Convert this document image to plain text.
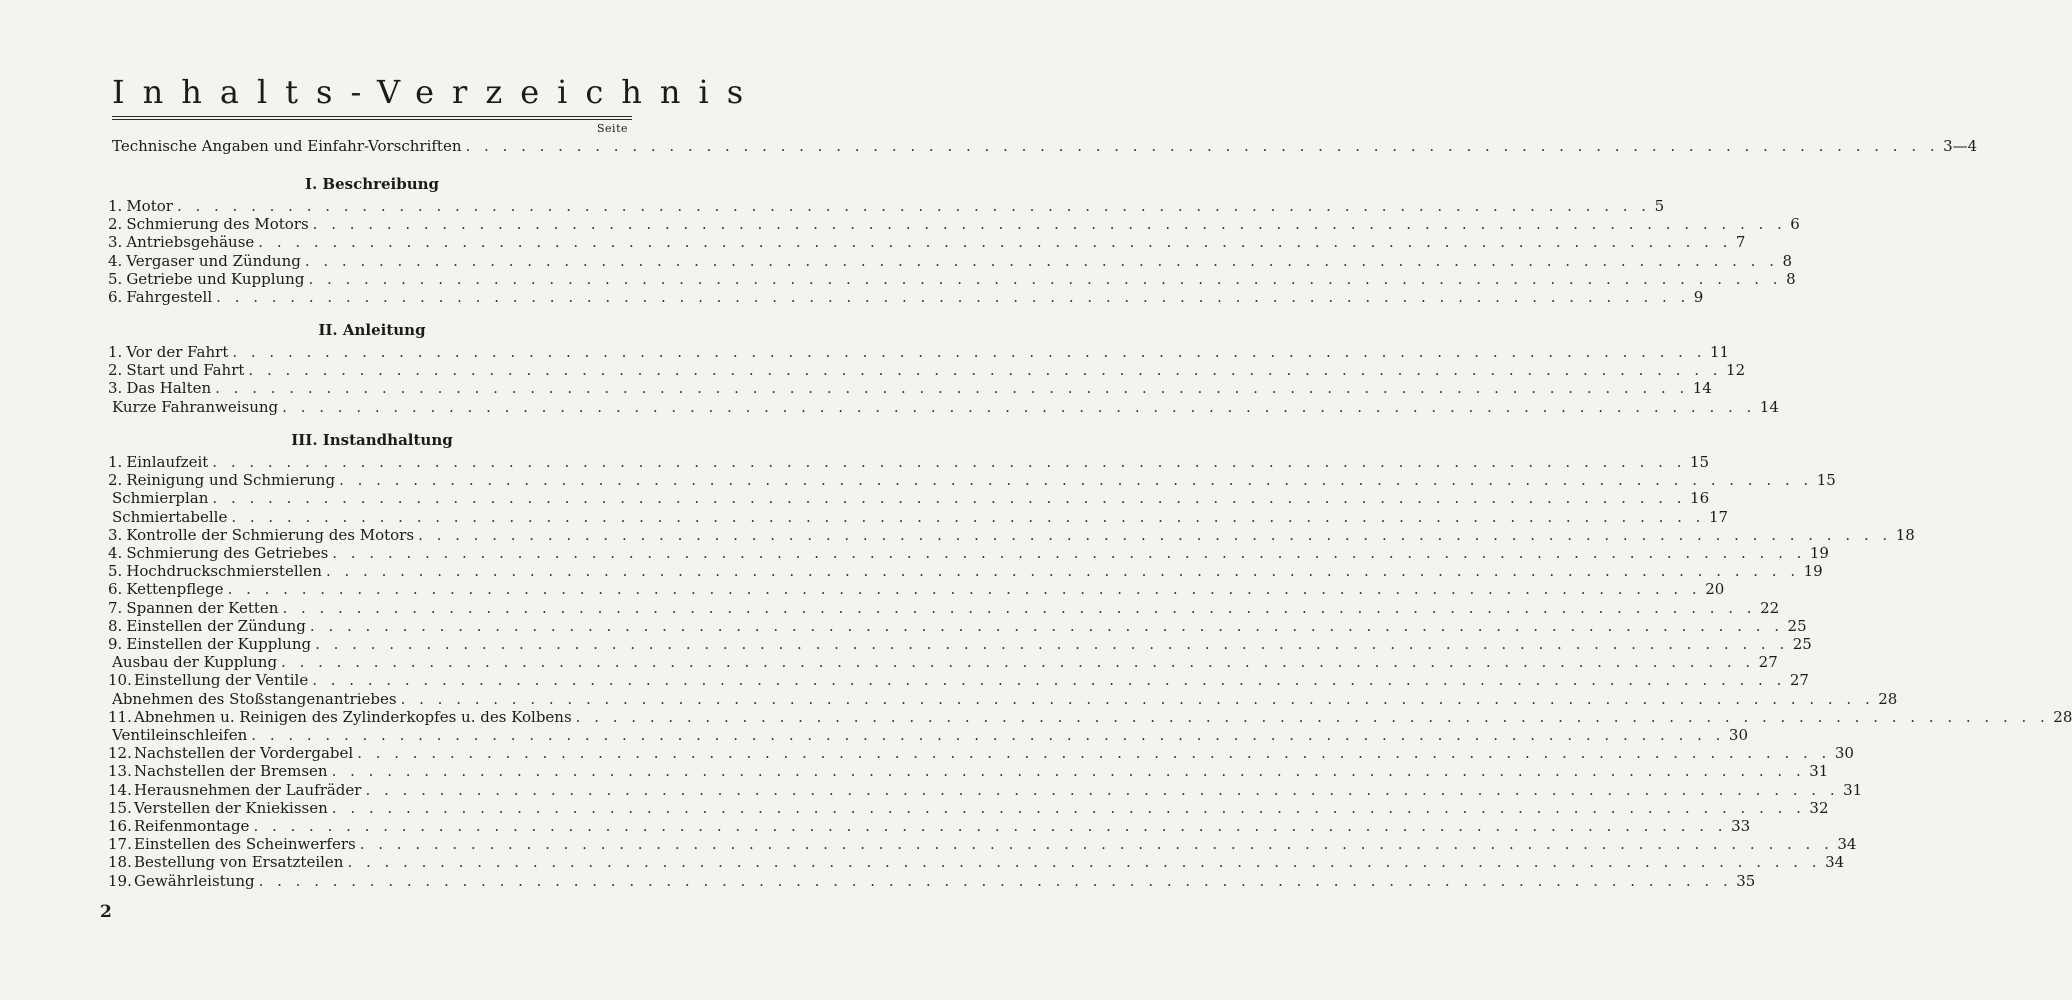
Inhalts-Verzeichnis
Seite
Technische Angaben und Einfahr-Vorschriften . . . . . . . . . . . . . . . . . . . . . . . . . . . . . . . . . . . . . . . . . . . . . . . . . . . . . . . . . . . . . . . . . . . . . . . . . . . . . . . . 3—4
I. Beschreibung
1. Motor . . . . . . . . . . . . . . . . . . . . . . . . . . . . . . . . . . . . . . . . . . . . . . . . . . . . . . . . . . . . . . . . . . . . . . . . . . . . . . . . 5
2. Schmierung des Motors . . . . . . . . . . . . . . . . . . . . . . . . . . . . . . . . . . . . . . . . . . . . . . . . . . . . . . . . . . . . . . . . . . . . . . . . . . . . . . . . 6
3. Antriebsgehäuse . . . . . . . . . . . . . . . . . . . . . . . . . . . . . . . . . . . . . . . . . . . . . . . . . . . . . . . . . . . . . . . . . . . . . . . . . . . . . . . . 7
4. Vergaser und Zündung . . . . . . . . . . . . . . . . . . . . . . . . . . . . . . . . . . . . . . . . . . . . . . . . . . . . . . . . . . . . . . . . . . . . . . . . . . . . . . . . 8
5. Getriebe und Kupplung . . . . . . . . . . . . . . . . . . . . . . . . . . . . . . . . . . . . . . . . . . . . . . . . . . . . . . . . . . . . . . . . . . . . . . . . . . . . . . . . 8
6. Fahrgestell . . . . . . . . . . . . . . . . . . . . . . . . . . . . . . . . . . . . . . . . . . . . . . . . . . . . . . . . . . . . . . . . . . . . . . . . . . . . . . . . 9
II. Anleitung
1. Vor der Fahrt . . . . . . . . . . . . . . . . . . . . . . . . . . . . . . . . . . . . . . . . . . . . . . . . . . . . . . . . . . . . . . . . . . . . . . . . . . . . . . . . 11
2. Start und Fahrt . . . . . . . . . . . . . . . . . . . . . . . . . . . . . . . . . . . . . . . . . . . . . . . . . . . . . . . . . . . . . . . . . . . . . . . . . . . . . . . . 12
3. Das Halten . . . . . . . . . . . . . . . . . . . . . . . . . . . . . . . . . . . . . . . . . . . . . . . . . . . . . . . . . . . . . . . . . . . . . . . . . . . . . . . . 14
Kurze Fahranweisung . . . . . . . . . . . . . . . . . . . . . . . . . . . . . . . . . . . . . . . . . . . . . . . . . . . . . . . . . . . . . . . . . . . . . . . . . . . . . . . . 14
III. Instandhaltung
1. Einlaufzeit . . . . . . . . . . . . . . . . . . . . . . . . . . . . . . . . . . . . . . . . . . . . . . . . . . . . . . . . . . . . . . . . . . . . . . . . . . . . . . . . 15
2. Reinigung und Schmierung . . . . . . . . . . . . . . . . . . . . . . . . . . . . . . . . . . . . . . . . . . . . . . . . . . . . . . . . . . . . . . . . . . . . . . . . . . . . . . . . 15
Schmierplan . . . . . . . . . . . . . . . . . . . . . . . . . . . . . . . . . . . . . . . . . . . . . . . . . . . . . . . . . . . . . . . . . . . . . . . . . . . . . . . . 16
Schmiertabelle . . . . . . . . . . . . . . . . . . . . . . . . . . . . . . . . . . . . . . . . . . . . . . . . . . . . . . . . . . . . . . . . . . . . . . . . . . . . . . . . 17
3. Kontrolle der Schmierung des Motors . . . . . . . . . . . . . . . . . . . . . . . . . . . . . . . . . . . . . . . . . . . . . . . . . . . . . . . . . . . . . . . . . . . . . . . . . . . . . . . . 18
4. Schmierung des Getriebes . . . . . . . . . . . . . . . . . . . . . . . . . . . . . . . . . . . . . . . . . . . . . . . . . . . . . . . . . . . . . . . . . . . . . . . . . . . . . . . . 19
5. Hochdruckschmierstellen . . . . . . . . . . . . . . . . . . . . . . . . . . . . . . . . . . . . . . . . . . . . . . . . . . . . . . . . . . . . . . . . . . . . . . . . . . . . . . . . 19
6. Kettenpflege . . . . . . . . . . . . . . . . . . . . . . . . . . . . . . . . . . . . . . . . . . . . . . . . . . . . . . . . . . . . . . . . . . . . . . . . . . . . . . . . 20
7. Spannen der Ketten . . . . . . . . . . . . . . . . . . . . . . . . . . . . . . . . . . . . . . . . . . . . . . . . . . . . . . . . . . . . . . . . . . . . . . . . . . . . . . . . 22
8. Einstellen der Zündung . . . . . . . . . . . . . . . . . . . . . . . . . . . . . . . . . . . . . . . . . . . . . . . . . . . . . . . . . . . . . . . . . . . . . . . . . . . . . . . . 25
9. Einstellen der Kupplung . . . . . . . . . . . . . . . . . . . . . . . . . . . . . . . . . . . . . . . . . . . . . . . . . . . . . . . . . . . . . . . . . . . . . . . . . . . . . . . . 25
Ausbau der Kupplung . . . . . . . . . . . . . . . . . . . . . . . . . . . . . . . . . . . . . . . . . . . . . . . . . . . . . . . . . . . . . . . . . . . . . . . . . . . . . . . . 27
10. Einstellung der Ventile . . . . . . . . . . . . . . . . . . . . . . . . . . . . . . . . . . . . . . . . . . . . . . . . . . . . . . . . . . . . . . . . . . . . . . . . . . . . . . . . 27
Abnehmen des Stoßstangenantriebes . . . . . . . . . . . . . . . . . . . . . . . . . . . . . . . . . . . . . . . . . . . . . . . . . . . . . . . . . . . . . . . . . . . . . . . . . . . . . . . . 28
11. Abnehmen u. Reinigen des Zylinderkopfes u. des Kolbens . . . . . . . . . . . . . . . . . . . . . . . . . . . . . . . . . . . . . . . . . . . . . . . . . . . . . . . . . . . . . . . . . . . . . . . . . . . . . . . . 28
Ventileinschleifen . . . . . . . . . . . . . . . . . . . . . . . . . . . . . . . . . . . . . . . . . . . . . . . . . . . . . . . . . . . . . . . . . . . . . . . . . . . . . . . . 30
12. Nachstellen der Vordergabel . . . . . . . . . . . . . . . . . . . . . . . . . . . . . . . . . . . . . . . . . . . . . . . . . . . . . . . . . . . . . . . . . . . . . . . . . . . . . . . . 30
13. Nachstellen der Bremsen . . . . . . . . . . . . . . . . . . . . . . . . . . . . . . . . . . . . . . . . . . . . . . . . . . . . . . . . . . . . . . . . . . . . . . . . . . . . . . . . 31
14. Herausnehmen der Laufräder . . . . . . . . . . . . . . . . . . . . . . . . . . . . . . . . . . . . . . . . . . . . . . . . . . . . . . . . . . . . . . . . . . . . . . . . . . . . . . . . 31
15. Verstellen der Kniekissen . . . . . . . . . . . . . . . . . . . . . . . . . . . . . . . . . . . . . . . . . . . . . . . . . . . . . . . . . . . . . . . . . . . . . . . . . . . . . . . . 32
16. Reifenmontage . . . . . . . . . . . . . . . . . . . . . . . . . . . . . . . . . . . . . . . . . . . . . . . . . . . . . . . . . . . . . . . . . . . . . . . . . . . . . . . . 33
17. Einstellen des Scheinwerfers . . . . . . . . . . . . . . . . . . . . . . . . . . . . . . . . . . . . . . . . . . . . . . . . . . . . . . . . . . . . . . . . . . . . . . . . . . . . . . . . 34
18. Bestellung von Ersatzteilen . . . . . . . . . . . . . . . . . . . . . . . . . . . . . . . . . . . . . . . . . . . . . . . . . . . . . . . . . . . . . . . . . . . . . . . . . . . . . . . . 34
19. Gewährleistung . . . . . . . . . . . . . . . . . . . . . . . . . . . . . . . . . . . . . . . . . . . . . . . . . . . . . . . . . . . . . . . . . . . . . . . . . . . . . . . . 35
2
